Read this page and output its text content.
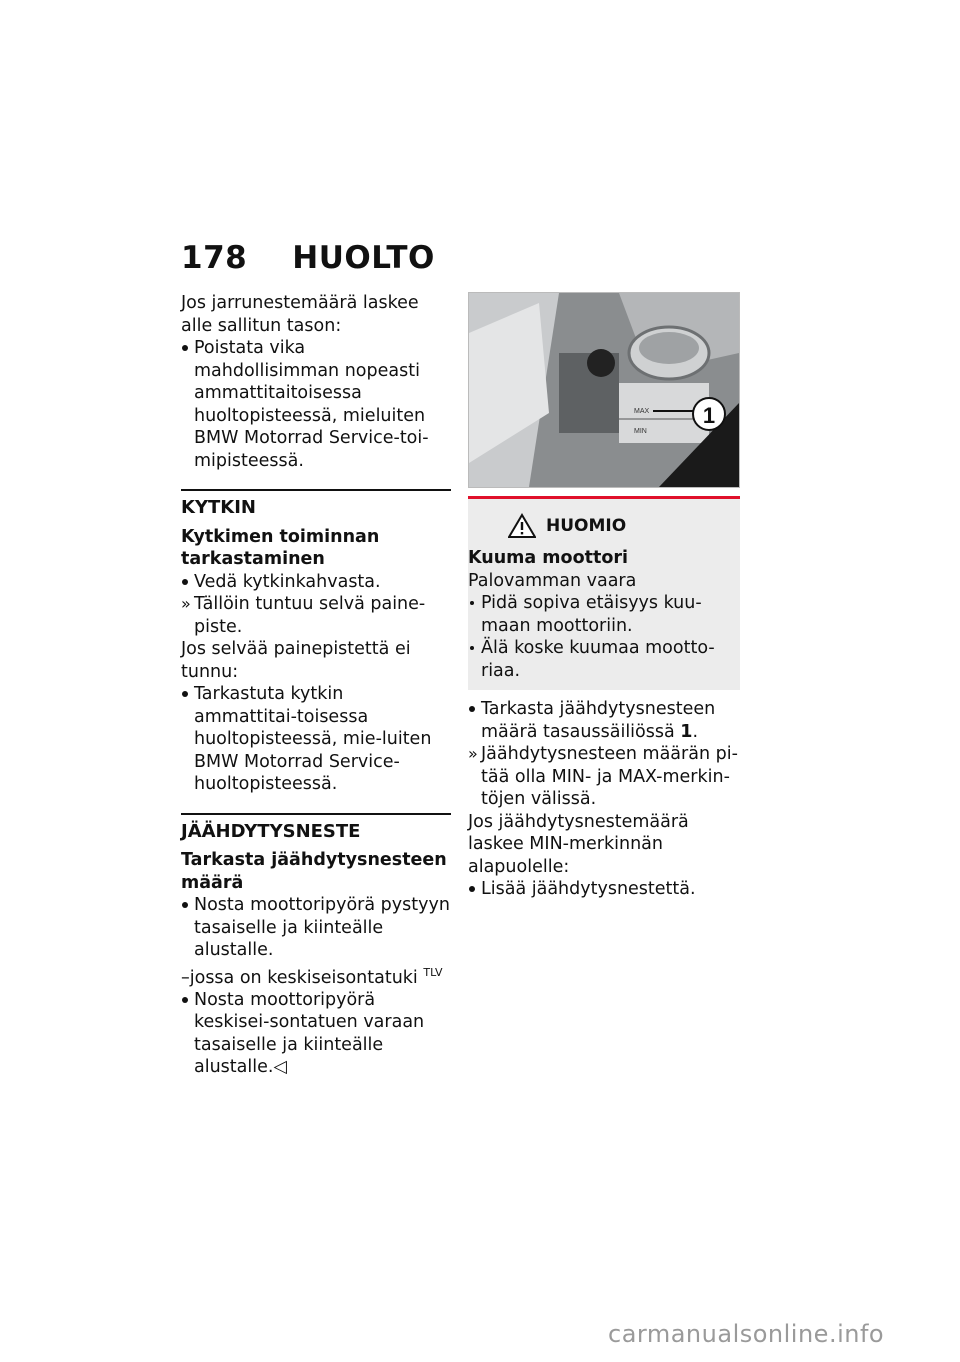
178 HUOLTO

Jos jarrunestemäärä laskee alle sallitun tason:

Poistata vika mahdollisimman nopeasti ammattitaitoisessa huoltopisteessä, mieluiten BMW Motorrad Service-toi-mipisteessä.

KYTKIN
Kytkimen toiminnan tarkastaminen

Vedä kytkinkahvasta.

» Tällöin tuntuu selvä paine-piste.

Jos selvää painepistettä ei tunnu:

Tarkastuta kytkin ammattitai-toisessa huoltopisteessä, mie-luiten BMW Motorrad Service-huoltopisteessä.

JÄÄHDYTYSNESTE
Tarkasta jäähdytysnesteen määrä

Nosta moottoripyörä pystyyn tasaiselle ja kiinteälle alustalle.

–jossa on keskiseisontatuki $^{TLV}$

Nosta moottoripyörä keskisei-sontatuen varaan tasaiselle ja kiinteälle alustalle.◁

MAX
MIN
1
HUOMIO

Kuuma moottori

Palovamman vaara

Pidä sopiva etäisyys kuu-maan moottoriin.

Älä koske kuumaa mootto-riaa.

Tarkasta jäähdytysnesteen määrä tasaussäiliössä 1.

» Jäähdytysnesteen määrän pi-tää olla MIN- ja MAX-merkin-töjen välissä.

Jos jäähdytysnestemäärä laskee MIN-merkinnän alapuolelle:

Lisää jäähdytysnestettä.

carmanualsonline.info
